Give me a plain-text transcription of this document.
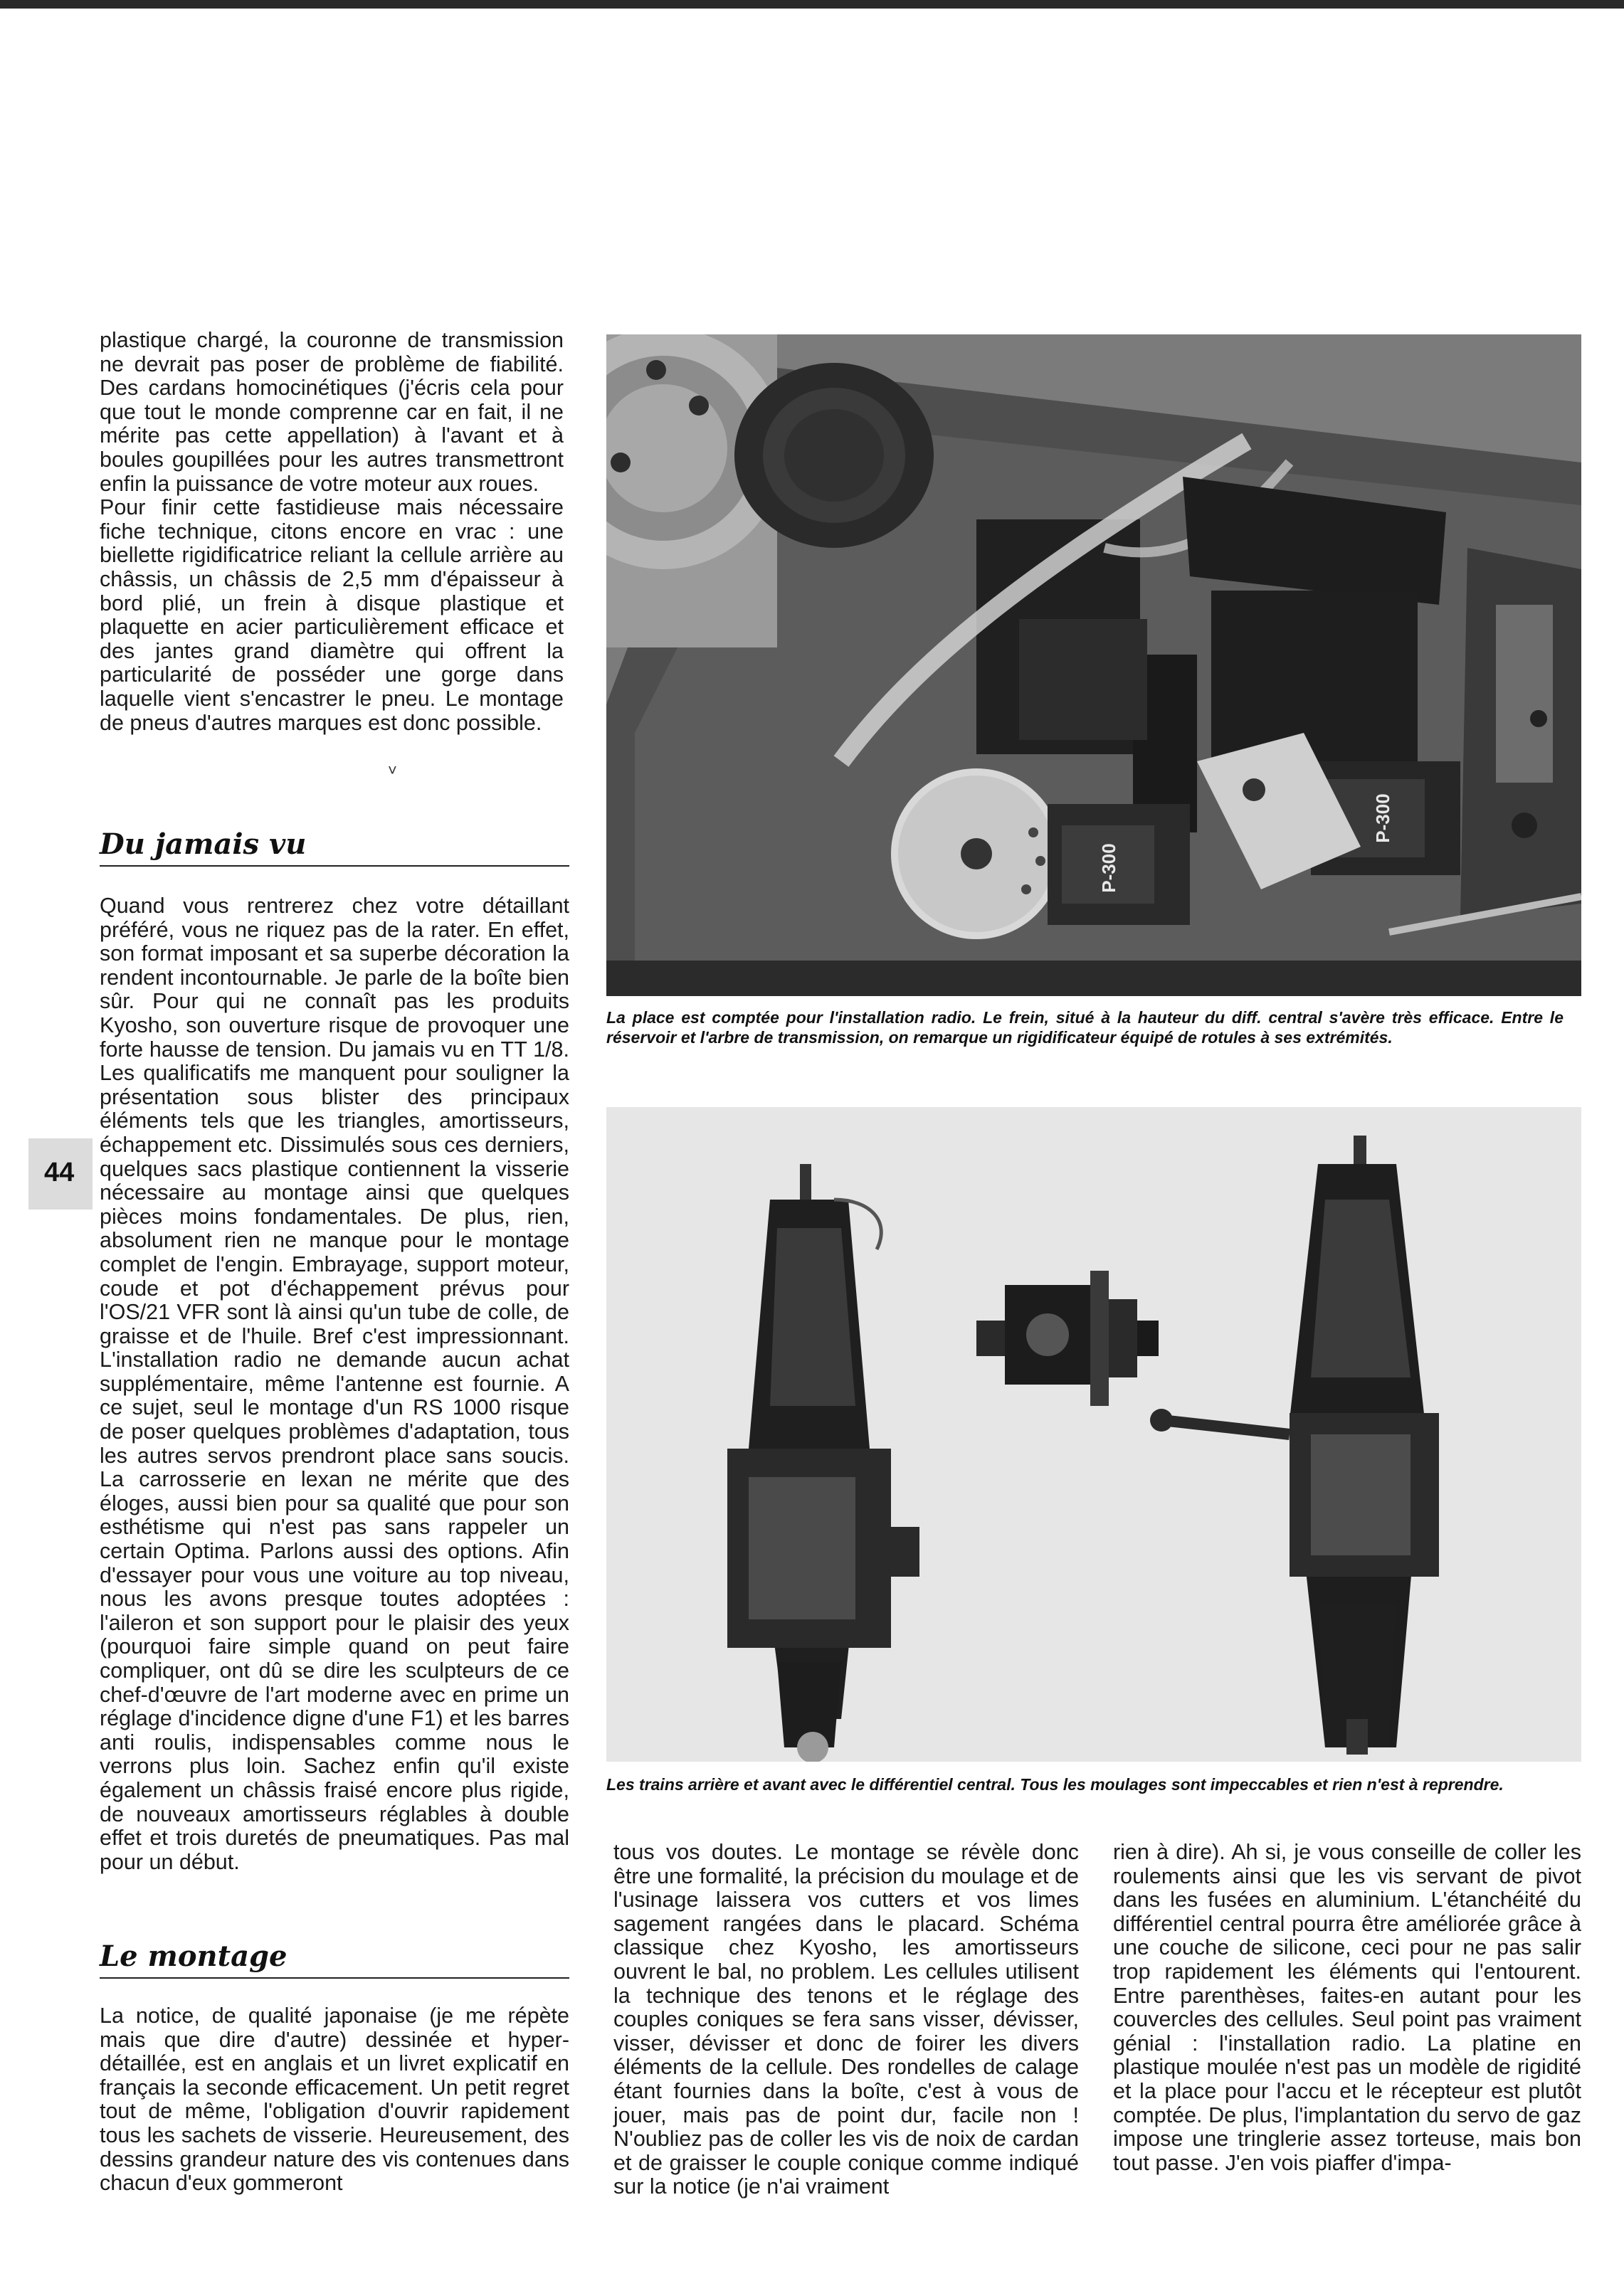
plastique chargé, la couronne de transmission ne devrait pas poser de problème de fiabilité. Des cardans homocinétiques (j'écris cela pour que tout le monde comprenne car en fait, il ne mérite pas cette appellation) à l'avant et à boules goupillées pour les autres transmettront enfin la puissance de votre moteur aux roues.

Pour finir cette fastidieuse mais nécessaire fiche technique, citons encore en vrac : une biellette rigidificatrice reliant la cellule arrière au châssis, un châssis de 2,5 mm d'épaisseur à bord plié, un frein à disque plastique et plaquette en acier particulièrement efficace et des jantes grand diamètre qui offrent la particularité de posséder une gorge dans laquelle vient s'encastrer le pneu. Le montage de pneus d'autres marques est donc possible.

˅
Du jamais vu

Quand vous rentrerez chez votre détaillant préféré, vous ne riquez pas de la rater. En effet, son format imposant et sa superbe décoration la rendent incontournable. Je parle de la boîte bien sûr. Pour qui ne connaît pas les produits Kyosho, son ouverture risque de provoquer une forte hausse de tension. Du jamais vu en TT 1/8. Les qualificatifs me manquent pour souligner la présentation sous blister des principaux éléments tels que les triangles, amortisseurs, échappement etc. Dissimulés sous ces derniers, quelques sacs plastique contiennent la visserie nécessaire au montage ainsi que quelques pièces moins fondamentales. De plus, rien, absolument rien ne manque pour le montage complet de l'engin. Embrayage, support moteur, coude et pot d'échappement prévus pour l'OS/21 VFR sont là ainsi qu'un tube de colle, de graisse et de l'huile. Bref c'est impressionnant. L'installation radio ne demande aucun achat supplémentaire, même l'antenne est fournie. A ce sujet, seul le montage d'un RS 1000 risque de poser quelques problèmes d'adaptation, tous les autres servos prendront place sans soucis. La carrosserie en lexan ne mérite que des éloges, aussi bien pour sa qualité que pour son esthétisme qui n'est pas sans rappeler un certain Optima. Parlons aussi des options. Afin d'essayer pour vous une voiture au top niveau, nous les avons presque toutes adoptées : l'aileron et son support pour le plaisir des yeux (pourquoi faire simple quand on peut faire compliquer, ont dû se dire les sculpteurs de ce chef-d'œuvre de l'art moderne avec en prime un réglage d'incidence digne d'une F1) et les barres anti roulis, indispensables comme nous le verrons plus loin. Sachez enfin qu'il existe également un châssis fraisé encore plus rigide, de nouveaux amortisseurs réglables à double effet et trois duretés de pneumatiques. Pas mal pour un début.

Le montage

La notice, de qualité japonaise (je me répète mais que dire d'autre) dessinée et hyperdétaillée, est en anglais et un livret explicatif en français la seconde efficacement. Un petit regret tout de même, l'obligation d'ouvrir rapidement tous les sachets de visserie. Heureusement, des dessins grandeur nature des vis contenues dans chacun d'eux gommeront

44
P-300
P-300

La place est comptée pour l'installation radio. Le frein, situé à la hauteur du diff. central s'avère très efficace. Entre le réservoir et l'arbre de transmission, on remarque un rigidificateur équipé de rotules à ses extrémités.

Les trains arrière et avant avec le différentiel central. Tous les moulages sont impeccables et rien n'est à reprendre.

tous vos doutes. Le montage se révèle donc être une formalité, la précision du moulage et de l'usinage laissera vos cutters et vos limes sagement rangées dans le placard. Schéma classique chez Kyosho, les amortisseurs ouvrent le bal, no problem. Les cellules utilisent la technique des tenons et le réglage des couples coniques se fera sans visser, dévisser, visser, dévisser et donc de foirer les divers éléments de la cellule. Des rondelles de calage étant fournies dans la boîte, c'est à vous de jouer, mais pas de point dur, facile non ! N'oubliez pas de coller les vis de noix de cardan et de graisser le couple conique comme indiqué sur la notice (je n'ai vraiment

rien à dire). Ah si, je vous conseille de coller les roulements ainsi que les vis servant de pivot dans les fusées en aluminium. L'étanchéité du différentiel central pourra être améliorée grâce à une couche de silicone, ceci pour ne pas salir trop rapidement les éléments qui l'entourent. Entre parenthèses, faites-en autant pour les couvercles des cellules. Seul point pas vraiment génial : l'installation radio. La platine en plastique moulée n'est pas un modèle de rigidité et la place pour l'accu et le récepteur est plutôt comptée. De plus, l'implantation du servo de gaz impose une tringlerie assez torteuse, mais bon tout passe. J'en vois piaffer d'impa-
